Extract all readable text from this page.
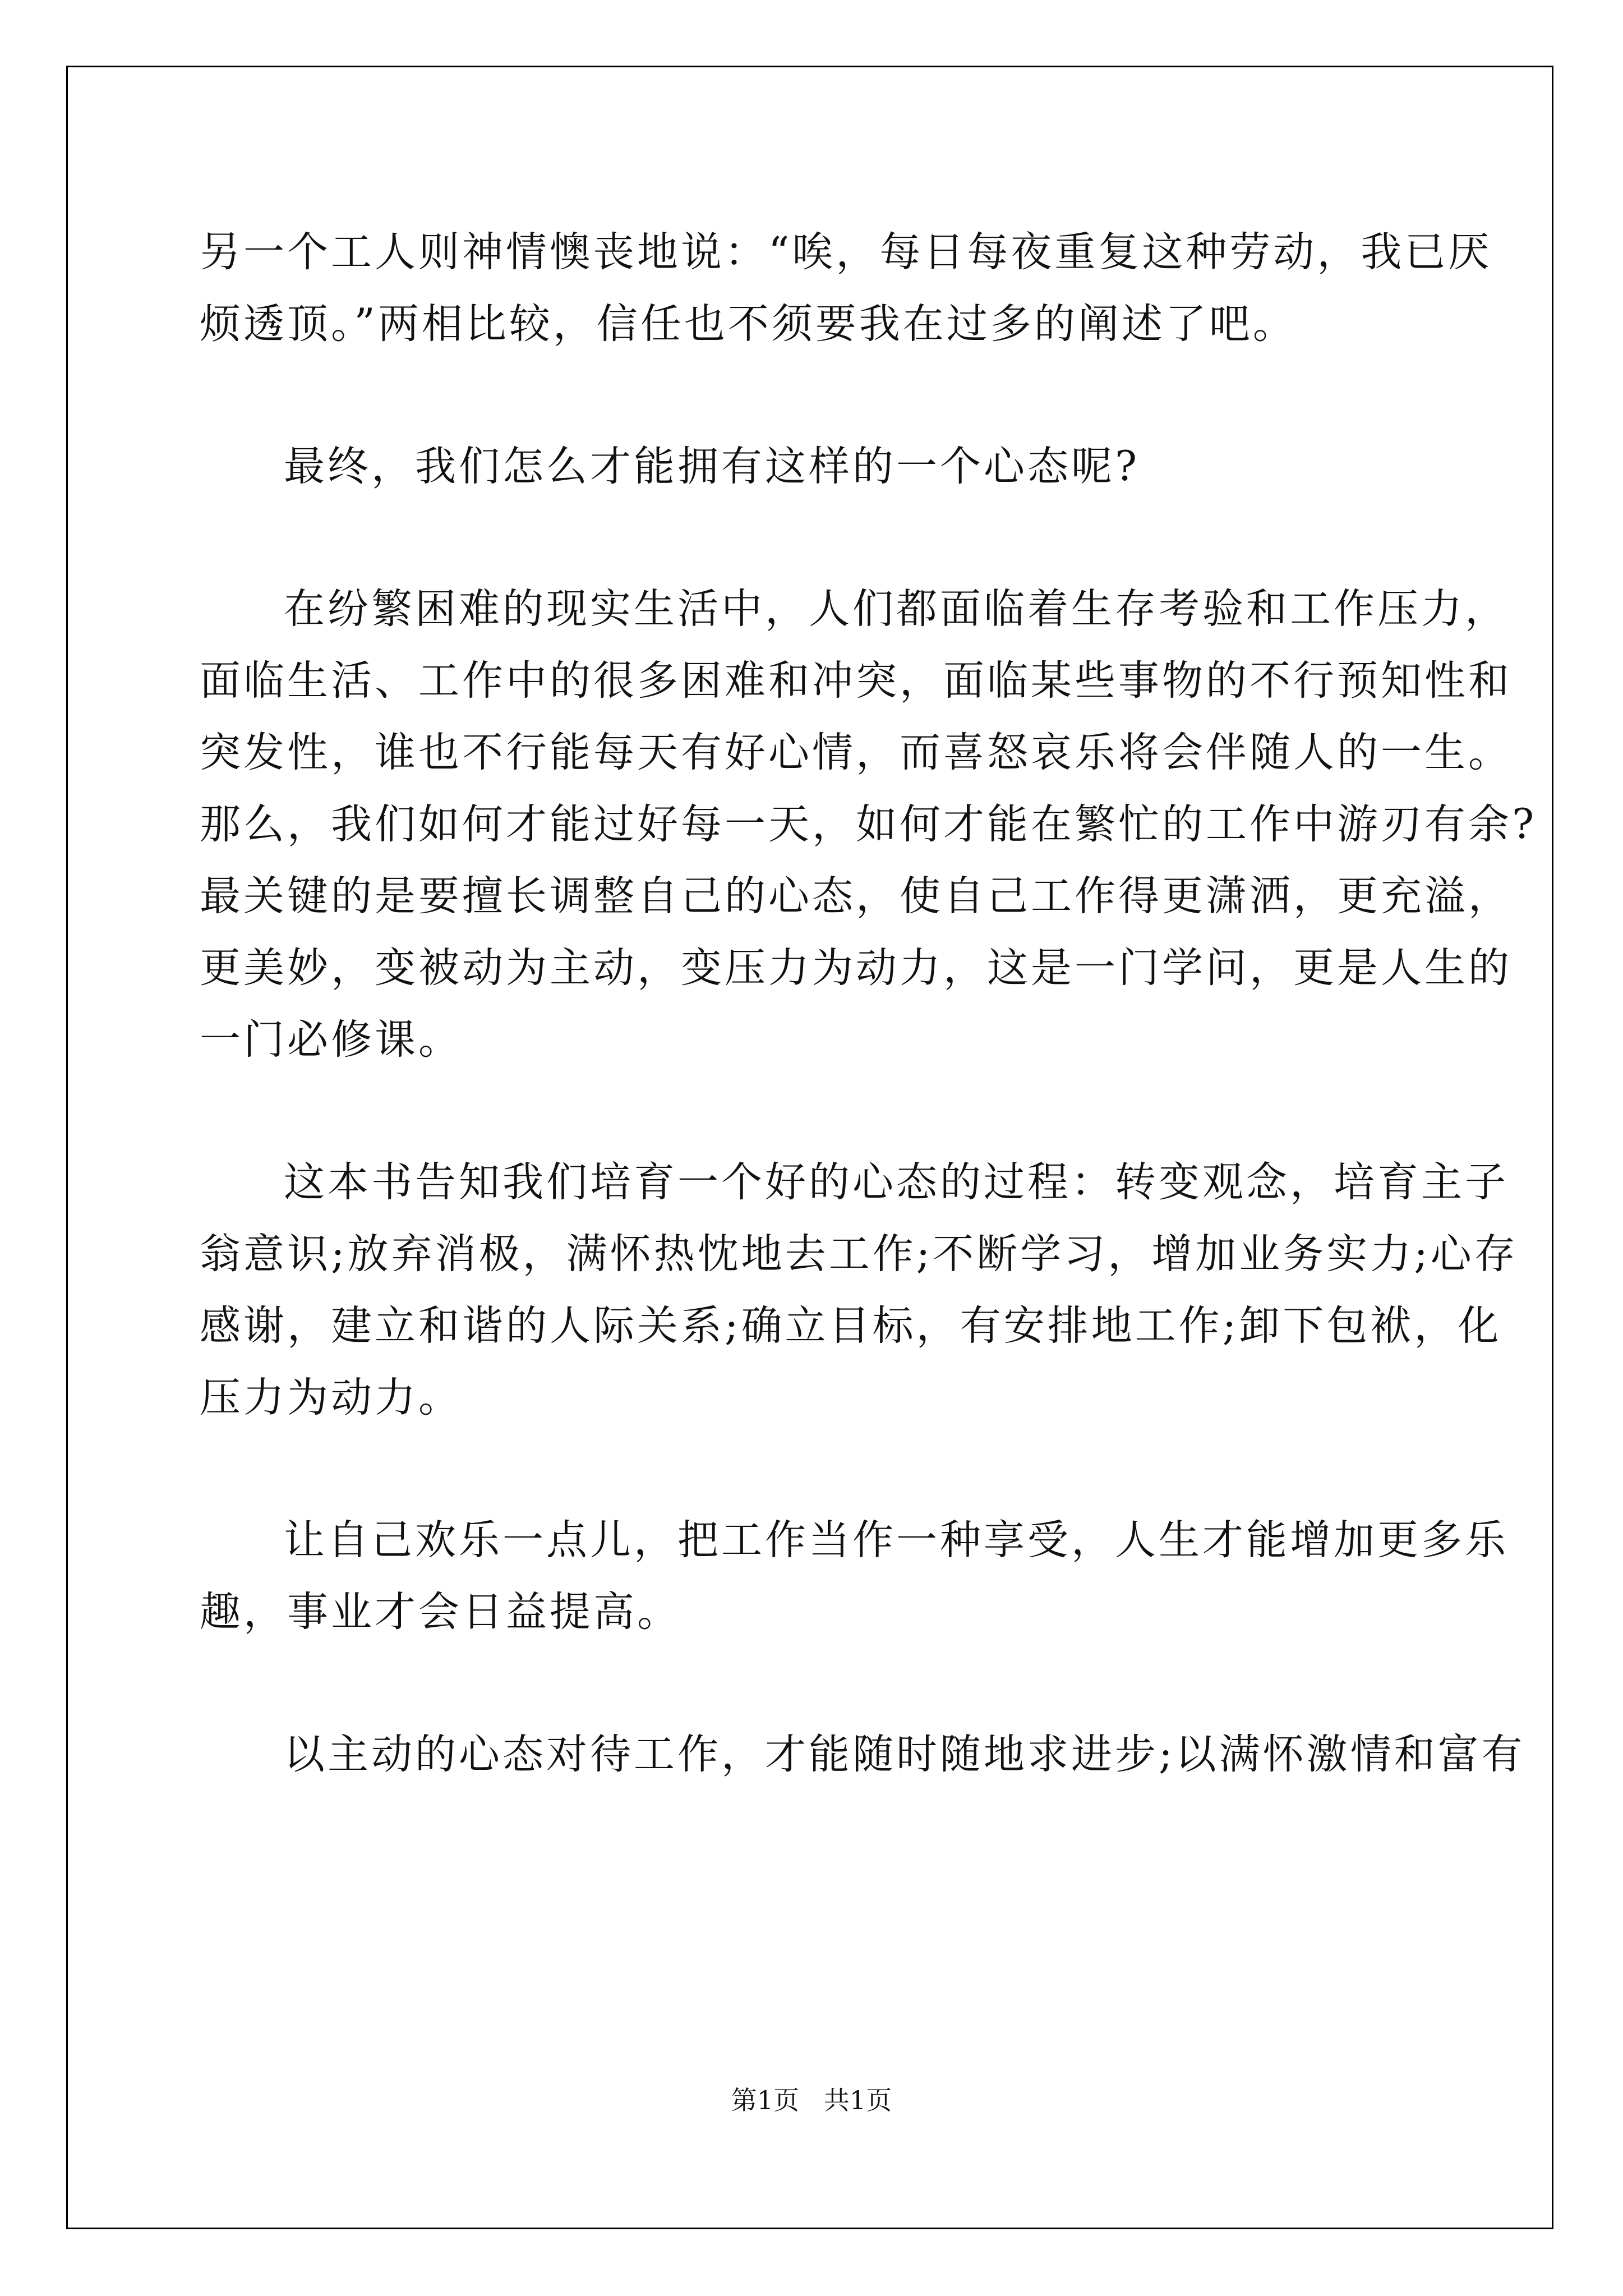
另一个工人则神情懊丧地说：“唉，每日每夜重复这种劳动，我已厌
烦透顶。”两相比较，信任也不须要我在过多的阐述了吧。
最终，我们怎么才能拥有这样的一个心态呢?
在纷繁困难的现实生活中，人们都面临着生存考验和工作压力，
面临生活、工作中的很多困难和冲突，面临某些事物的不行预知性和
突发性，谁也不行能每天有好心情，而喜怒哀乐将会伴随人的一生。
那么，我们如何才能过好每一天，如何才能在繁忙的工作中游刃有余?
最关键的是要擅长调整自己的心态，使自己工作得更潇洒，更充溢，
更美妙，变被动为主动，变压力为动力，这是一门学问，更是人生的
一门必修课。
这本书告知我们培育一个好的心态的过程：转变观念，培育主子
翁意识;放弃消极，满怀热忱地去工作;不断学习，增加业务实力;心存
感谢，建立和谐的人际关系;确立目标，有安排地工作;卸下包袱，化
压力为动力。
让自己欢乐一点儿，把工作当作一种享受，人生才能增加更多乐
趣，事业才会日益提高。
以主动的心态对待工作，才能随时随地求进步;以满怀激情和富有
第1页   共1页
